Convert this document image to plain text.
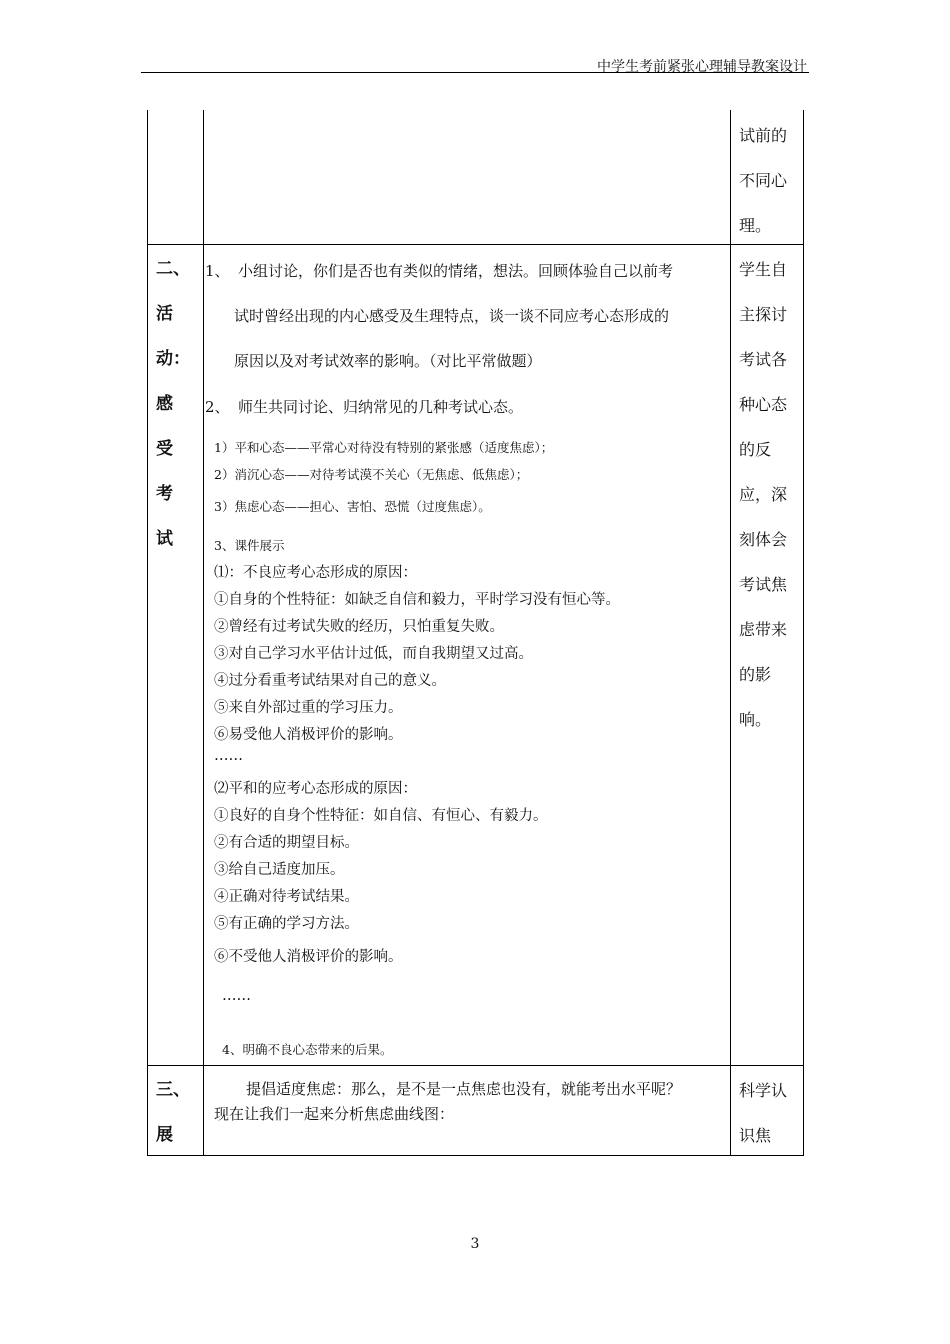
中学生考前紧张心理辅导教案设计
试前的
不同心
理。
二、
活
动：
感
受
考
试
学生自
主探讨
考试各
种心态
的反
应，深
刻体会
考试焦
虑带来
的影
响。
1、 小组讨论，你们是否也有类似的情绪，想法。回顾体验自己以前考
试时曾经出现的内心感受及生理特点，谈一谈不同应考心态形成的
原因以及对考试效率的影响。（对比平常做题）
2、 师生共同讨论、归纳常见的几种考试心态。
1）平和心态——平常心对待没有特别的紧张感（适度焦虑）；
2）消沉心态——对待考试漠不关心（无焦虑、低焦虑）；
3）焦虑心态——担心、害怕、恐慌（过度焦虑）。
3、课件展示
⑴：不良应考心态形成的原因：
①自身的个性特征：如缺乏自信和毅力，平时学习没有恒心等。
②曾经有过考试失败的经历，只怕重复失败。
③对自己学习水平估计过低，而自我期望又过高。
④过分看重考试结果对自己的意义。
⑤来自外部过重的学习压力。
⑥易受他人消极评价的影响。
……
⑵平和的应考心态形成的原因：
①良好的自身个性特征：如自信、有恒心、有毅力。
②有合适的期望目标。
③给自己适度加压。
④正确对待考试结果。
⑤有正确的学习方法。
⑥不受他人消极评价的影响。
……
4、明确不良心态带来的后果。
三、
展
科学认
识焦
提倡适度焦虑：那么，是不是一点焦虑也没有，就能考出水平呢？
现在让我们一起来分析焦虑曲线图：
3
